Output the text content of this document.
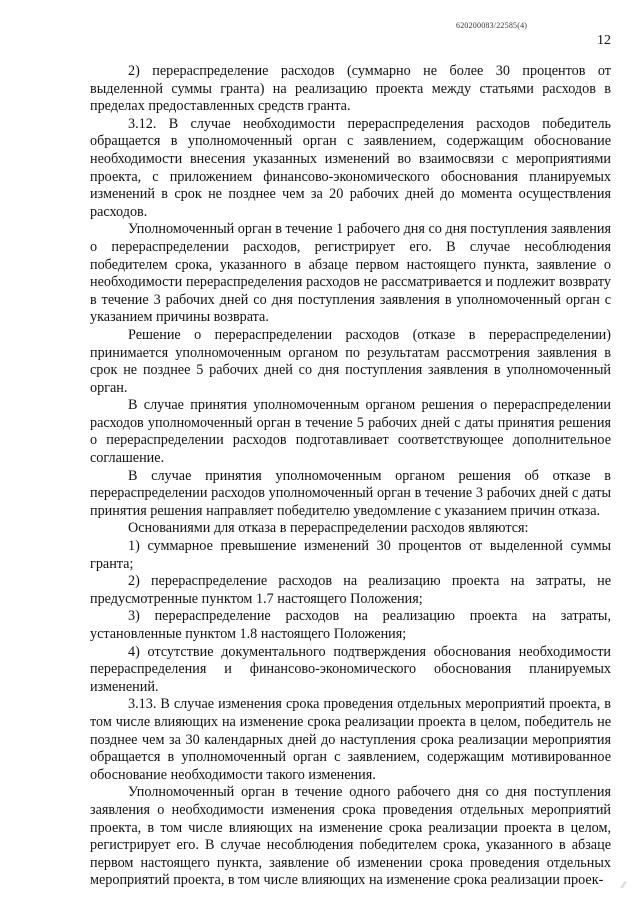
620200083/22585(4)
12

2) перераспределение расходов (суммарно не более 30 процентов от выделенной суммы гранта) на реализацию проекта между статьями расходов в пределах предоставленных средств гранта.

3.12. В случае необходимости перераспределения расходов победитель обращается в уполномоченный орган с заявлением, содержащим обоснование необходимости внесения указанных изменений во взаимосвязи с мероприятиями проекта, с приложением финансово-экономического обоснования планируемых изменений в срок не позднее чем за 20 рабочих дней до момента осуществления расходов.

Уполномоченный орган в течение 1 рабочего дня со дня поступления заявления о перераспределении расходов, регистрирует его. В случае несоблюдения победителем срока, указанного в абзаце первом настоящего пункта, заявление о необходимости перераспределения расходов не рассматривается и подлежит возврату в течение 3 рабочих дней со дня поступления заявления в уполномоченный орган с указанием причины возврата.

Решение о перераспределении расходов (отказе в перераспределении) принимается уполномоченным органом по результатам рассмотрения заявления в срок не позднее 5 рабочих дней со дня поступления заявления в уполномоченный орган.

В случае принятия уполномоченным органом решения о перераспределении расходов уполномоченный орган в течение 5 рабочих дней с даты принятия решения о перераспределении расходов подготавливает соответствующее дополнительное соглашение.

В случае принятия уполномоченным органом решения об отказе в перераспределении расходов уполномоченный орган в течение 3 рабочих дней с даты принятия решения направляет победителю уведомление с указанием причин отказа.

Основаниями для отказа в перераспределении расходов являются:

1) суммарное превышение изменений 30 процентов от выделенной суммы гранта;

2) перераспределение расходов на реализацию проекта на затраты, не предусмотренные пунктом 1.7 настоящего Положения;

3) перераспределение расходов на реализацию проекта на затраты, установленные пунктом 1.8 настоящего Положения;

4) отсутствие документального подтверждения обоснования необходимости перераспределения и финансово-экономического обоснования планируемых изменений.

3.13. В случае изменения срока проведения отдельных мероприятий проекта, в том числе влияющих на изменение срока реализации проекта в целом, победитель не позднее чем за 30 календарных дней до наступления срока реализации мероприятия обращается в уполномоченный орган с заявлением, содержащим мотивированное обоснование необходимости такого изменения.

Уполномоченный орган в течение одного рабочего дня со дня поступления заявления о необходимости изменения срока проведения отдельных мероприятий проекта, в том числе влияющих на изменение срока реализации проекта в целом, регистрирует его. В случае несоблюдения победителем срока, указанного в абзаце первом настоящего пункта, заявление об изменении срока проведения отдельных мероприятий проекта, в том числе влияющих на изменение срока реализации проек-	⁄⁄
